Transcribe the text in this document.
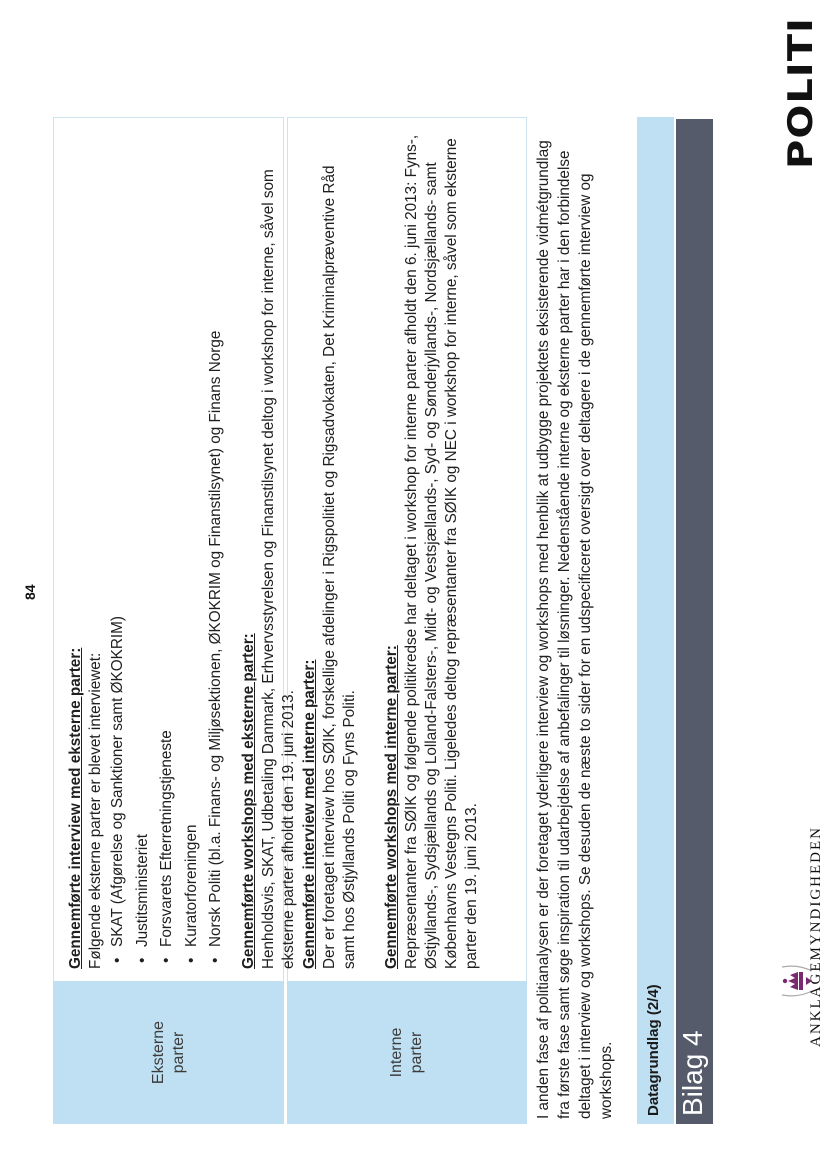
ANKLAGEMYNDIGHEDEN
POLITI
Bilag 4
Datagrundlag (2/4)
I anden fase af politianalysen er der foretaget yderligere interview og workshops med henblik at udbygge projektets eksisterende vidmétgrundlag fra første fase samt søge inspiration til udarbejdelse af anbefalinger til løsninger. Nedenstående interne og eksterne parter har i den forbindelse deltaget i interview og workshops. Se desuden de næste to sider for en udspecificeret oversigt over deltagere i de gennemførte interview og workshops.
Interne parter

Gennemførte interview med interne parter: Der er foretaget interview hos SØIK, forskellige afdelinger i Rigspolitiet og Rigsadvokaten, Det Kriminalpræventive Råd samt hos Østjyllands Politi og Fyns Politi. Gennemførte workshops med interne parter: Repræsentanter fra SØIK og følgende politikredse har deltaget i workshop for interne parter afholdt den 6. juni 2013: Fyns-, Østjyllands-, Sydsjællands og Lolland-Falsters-, Midt- og Vestsjællands-, Syd- og Sønderjyllands-, Nordsjællands- samt Københavns Vestegns Politi. Ligeledes deltog repræsentanter fra SØIK og NEC i workshop for interne, såvel som eksterne parter den 19. juni 2013.

Eksterne parter

Gennemførte interview med eksterne parter: Følgende eksterne parter er blevet interviewet: • SKAT (Afgørelse og Sanktioner samt ØKOKRIM) • Justitsministeriet • Forsvarets Efterretningstjeneste • Kuratorforeningen • Norsk Politi (bl.a. Finans- og Miljøsektionen, ØKOKRIM og Finanstilsynet) og Finans Norge Gennemførte workshops med eksterne parter: Henholdsvis, SKAT, Udbetaling Danmark, Erhvervsstyrelsen og Finanstilsynet deltog i workshop for interne, såvel som eksterne parter afholdt den 19. juni 2013.

84
